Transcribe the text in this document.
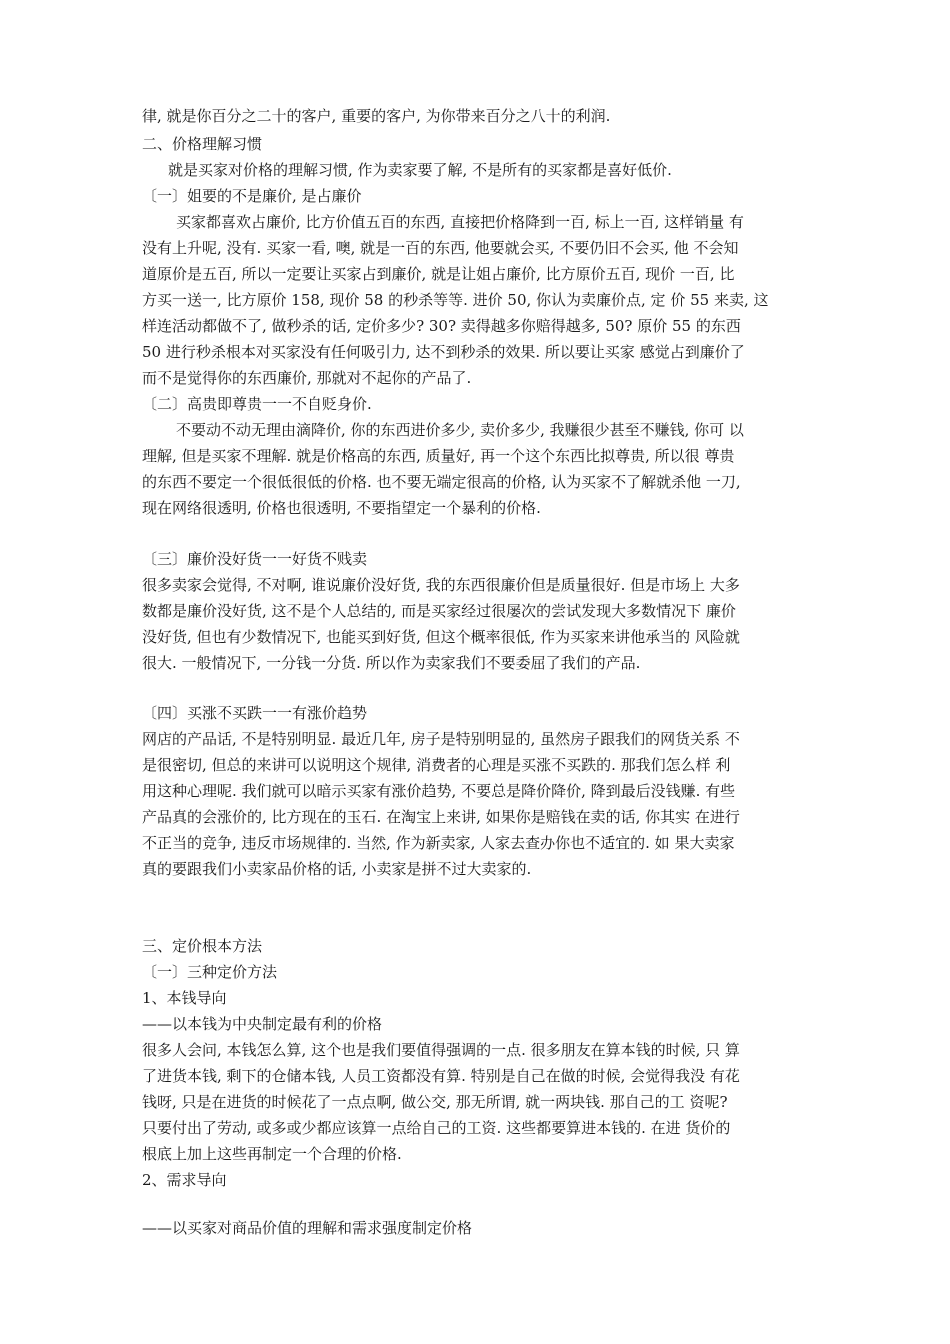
律, 就是你百分之二十的客户, 重要的客户, 为你带来百分之八十的利润.
二、价格理解习惯
就是买家对价格的理解习惯, 作为卖家要了解, 不是所有的买家都是喜好低价.
〔一〕姐要的不是廉价, 是占廉价
买家都喜欢占廉价, 比方价值五百的东西, 直接把价格降到一百, 标上一百, 这样销量 有
没有上升呢, 没有. 买家一看, 噢, 就是一百的东西, 他要就会买, 不要仍旧不会买, 他 不会知
道原价是五百, 所以一定要让买家占到廉价, 就是让姐占廉价, 比方原价五百, 现价 一百, 比
方买一送一, 比方原价 158, 现价 58 的秒杀等等. 进价 50, 你认为卖廉价点, 定 价 55 来卖, 这
样连活动都做不了, 做秒杀的话, 定价多少? 30? 卖得越多你赔得越多, 50? 原价 55 的东西
50 进行秒杀根本对买家没有任何吸引力, 达不到秒杀的效果. 所以要让买家 感觉占到廉价了
而不是觉得你的东西廉价, 那就对不起你的产品了.
〔二〕高贵即尊贵一一不自贬身价.
不要动不动无理由滴降价, 你的东西进价多少, 卖价多少, 我赚很少甚至不赚钱, 你可 以
理解, 但是买家不理解. 就是价格高的东西, 质量好, 再一个这个东西比拟尊贵, 所以很 尊贵
的东西不要定一个很低很低的价格. 也不要无端定很高的价格, 认为买家不了解就杀他 一刀,
现在网络很透明, 价格也很透明, 不要指望定一个暴利的价格.
〔三〕廉价没好货一一好货不贱卖
很多卖家会觉得, 不对啊, 谁说廉价没好货, 我的东西很廉价但是质量很好. 但是市场上 大多
数都是廉价没好货, 这不是个人总结的, 而是买家经过很屡次的尝试发现大多数情况下 廉价
没好货, 但也有少数情况下, 也能买到好货, 但这个概率很低, 作为买家来讲他承当的 风险就
很大. 一般情况下, 一分钱一分货. 所以作为卖家我们不要委屈了我们的产品.
〔四〕买涨不买跌一一有涨价趋势
网店的产品话, 不是特别明显. 最近几年, 房子是特别明显的, 虽然房子跟我们的网货关系 不
是很密切, 但总的来讲可以说明这个规律, 消费者的心理是买涨不买跌的. 那我们怎么样 利
用这种心理呢. 我们就可以暗示买家有涨价趋势, 不要总是降价降价, 降到最后没钱赚. 有些
产品真的会涨价的, 比方现在的玉石. 在淘宝上来讲, 如果你是赔钱在卖的话, 你其实 在进行
不正当的竞争, 违反市场规律的. 当然, 作为新卖家, 人家去查办你也不适宜的. 如 果大卖家
真的要跟我们小卖家品价格的话, 小卖家是拼不过大卖家的.
三、定价根本方法
〔一〕三种定价方法
1、本钱导向
——以本钱为中央制定最有利的价格
很多人会问, 本钱怎么算, 这个也是我们要值得强调的一点. 很多朋友在算本钱的时候, 只 算
了进货本钱, 剩下的仓储本钱, 人员工资都没有算. 特别是自己在做的时候, 会觉得我没 有花
钱呀, 只是在进货的时候花了一点点啊, 做公交, 那无所谓, 就一两块钱. 那自己的工 资呢?
只要付出了劳动, 或多或少都应该算一点给自己的工资. 这些都要算进本钱的. 在进 货价的
根底上加上这些再制定一个合理的价格.
2、需求导向
——以买家对商品价值的理解和需求强度制定价格
